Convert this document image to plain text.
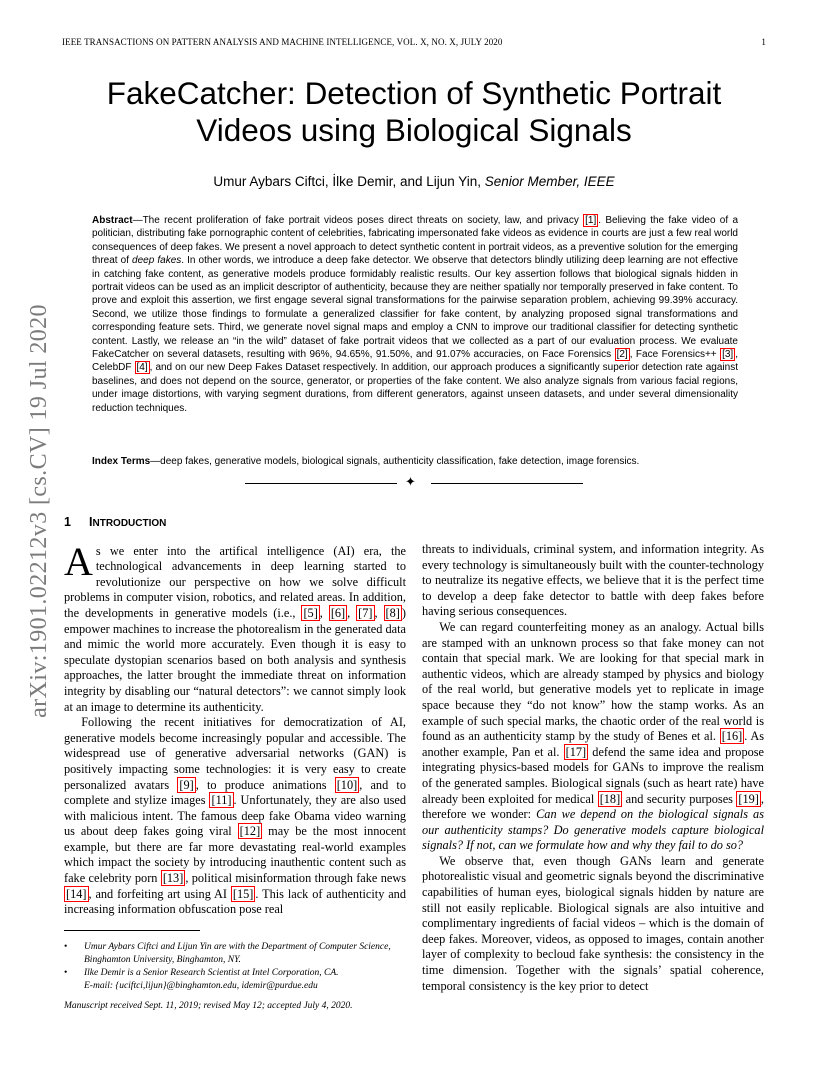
IEEE TRANSACTIONS ON PATTERN ANALYSIS AND MACHINE INTELLIGENCE, VOL. X, NO. X, JULY 2020	1
FakeCatcher: Detection of Synthetic Portrait
Videos using Biological Signals
Umur Aybars Ciftci, İlke Demir, and Lijun Yin, Senior Member, IEEE
Abstract—The recent proliferation of fake portrait videos poses direct threats on society, law, and privacy [1] . Believing the fake video of a politician, distributing fake pornographic content of celebrities, fabricating impersonated fake videos as evidence in courts are just a few real world consequences of deep fakes. We present a novel approach to detect synthetic content in portrait videos, as a preventive solution for the emerging threat of deep fakes. In other words, we introduce a deep fake detector. We observe that detectors blindly utilizing deep learning are not effective in catching fake content, as generative models produce formidably realistic results. Our key assertion follows that biological signals hidden in portrait videos can be used as an implicit descriptor of authenticity, because they are neither spatially nor temporally preserved in fake content. To prove and exploit this assertion, we first engage several signal transformations for the pairwise separation problem, achieving 99.39% accuracy. Second, we utilize those findings to formulate a generalized classifier for fake content, by analyzing proposed signal transformations and corresponding feature sets. Third, we generate novel signal maps and employ a CNN to improve our traditional classifier for detecting synthetic content. Lastly, we release an “in the wild” dataset of fake portrait videos that we collected as a part of our evaluation process. We evaluate FakeCatcher on several datasets, resulting with 96%, 94.65%, 91.50%, and 91.07% accuracies, on Face Forensics [2] , Face Forensics++ [3] , CelebDF [4] , and on our new Deep Fakes Dataset respectively. In addition, our approach produces a significantly superior detection rate against baselines, and does not depend on the source, generator, or properties of the fake content. We also analyze signals from various facial regions, under image distortions, with varying segment durations, from different generators, against unseen datasets, and under several dimensionality reduction techniques.
Index Terms—deep fakes, generative models, biological signals, authenticity classification, fake detection, image forensics.
✦
arXiv:1901.02212v3 [cs.CV] 19 Jul 2020 1 INTRODUCTION

As we enter into the artifical intelligence (AI) era, the technological advancements in deep learning started to revolutionize our perspective on how we solve difficult problems in computer vision, robotics, and related areas. In addition, the developments in generative models (i.e., [5] , [6] , [7] , [8] ) empower machines to increase the photorealism in the generated data and mimic the world more accurately. Even though it is easy to speculate dystopian scenarios based on both analysis and synthesis approaches, the latter brought the immediate threat on information integrity by disabling our “natural detectors”: we cannot simply look at an image to determine its authenticity.

Following the recent initiatives for democratization of AI, generative models become increasingly popular and accessible. The widespread use of generative adversarial networks (GAN) is positively impacting some technologies: it is very easy to create personalized avatars [9] , to produce animations [10] , and to complete and stylize images [11] . Unfortunately, they are also used with malicious intent. The famous deep fake Obama video warning us about deep fakes going viral [12] may be the most innocent example, but there are far more devastating real-world examples which impact the society by introducing inauthentic content such as fake celebrity porn [13] , political misinformation through fake news [14] , and forfeiting art using AI [15] . This lack of authenticity and increasing information obfuscation pose real

threats to individuals, criminal system, and information integrity. As every technology is simultaneously built with the counter-technology to neutralize its negative effects, we believe that it is the perfect time to develop a deep fake detector to battle with deep fakes before having serious consequences.

We can regard counterfeiting money as an analogy. Actual bills are stamped with an unknown process so that fake money can not contain that special mark. We are looking for that special mark in authentic videos, which are already stamped by physics and biology of the real world, but generative models yet to replicate in image space because they “do not know” how the stamp works. As an example of such special marks, the chaotic order of the real world is found as an authenticity stamp by the study of Benes et al. [16] . As another example, Pan et al. [17] defend the same idea and propose integrating physics-based models for GANs to improve the realism of the generated samples. Biological signals (such as heart rate) have already been exploited for medical [18] and security purposes [19] , therefore we wonder: Can we depend on the biological signals as our authenticity stamps? Do generative models capture biological signals? If not, can we formulate how and why they fail to do so?

We observe that, even though GANs learn and generate photorealistic visual and geometric signals beyond the discriminative capabilities of human eyes, biological signals hidden by nature are still not easily replicable. Biological signals are also intuitive and complimentary ingredients of facial videos – which is the domain of deep fakes. Moreover, videos, as opposed to images, contain another layer of complexity to becloud fake synthesis: the consistency in the time dimension. Together with the signals’ spatial coherence, temporal consistency is the key prior to detect

• Umur Aybars Ciftci and Lijun Yin are with the Department of Computer Science, Binghamton University, Binghamton, NY.
• Ilke Demir is a Senior Research Scientist at Intel Corporation, CA.
E-mail: {uciftci,lijun}@binghamton.edu, idemir@purdue.edu
Manuscript received Sept. 11, 2019; revised May 12; accepted July 4, 2020.
